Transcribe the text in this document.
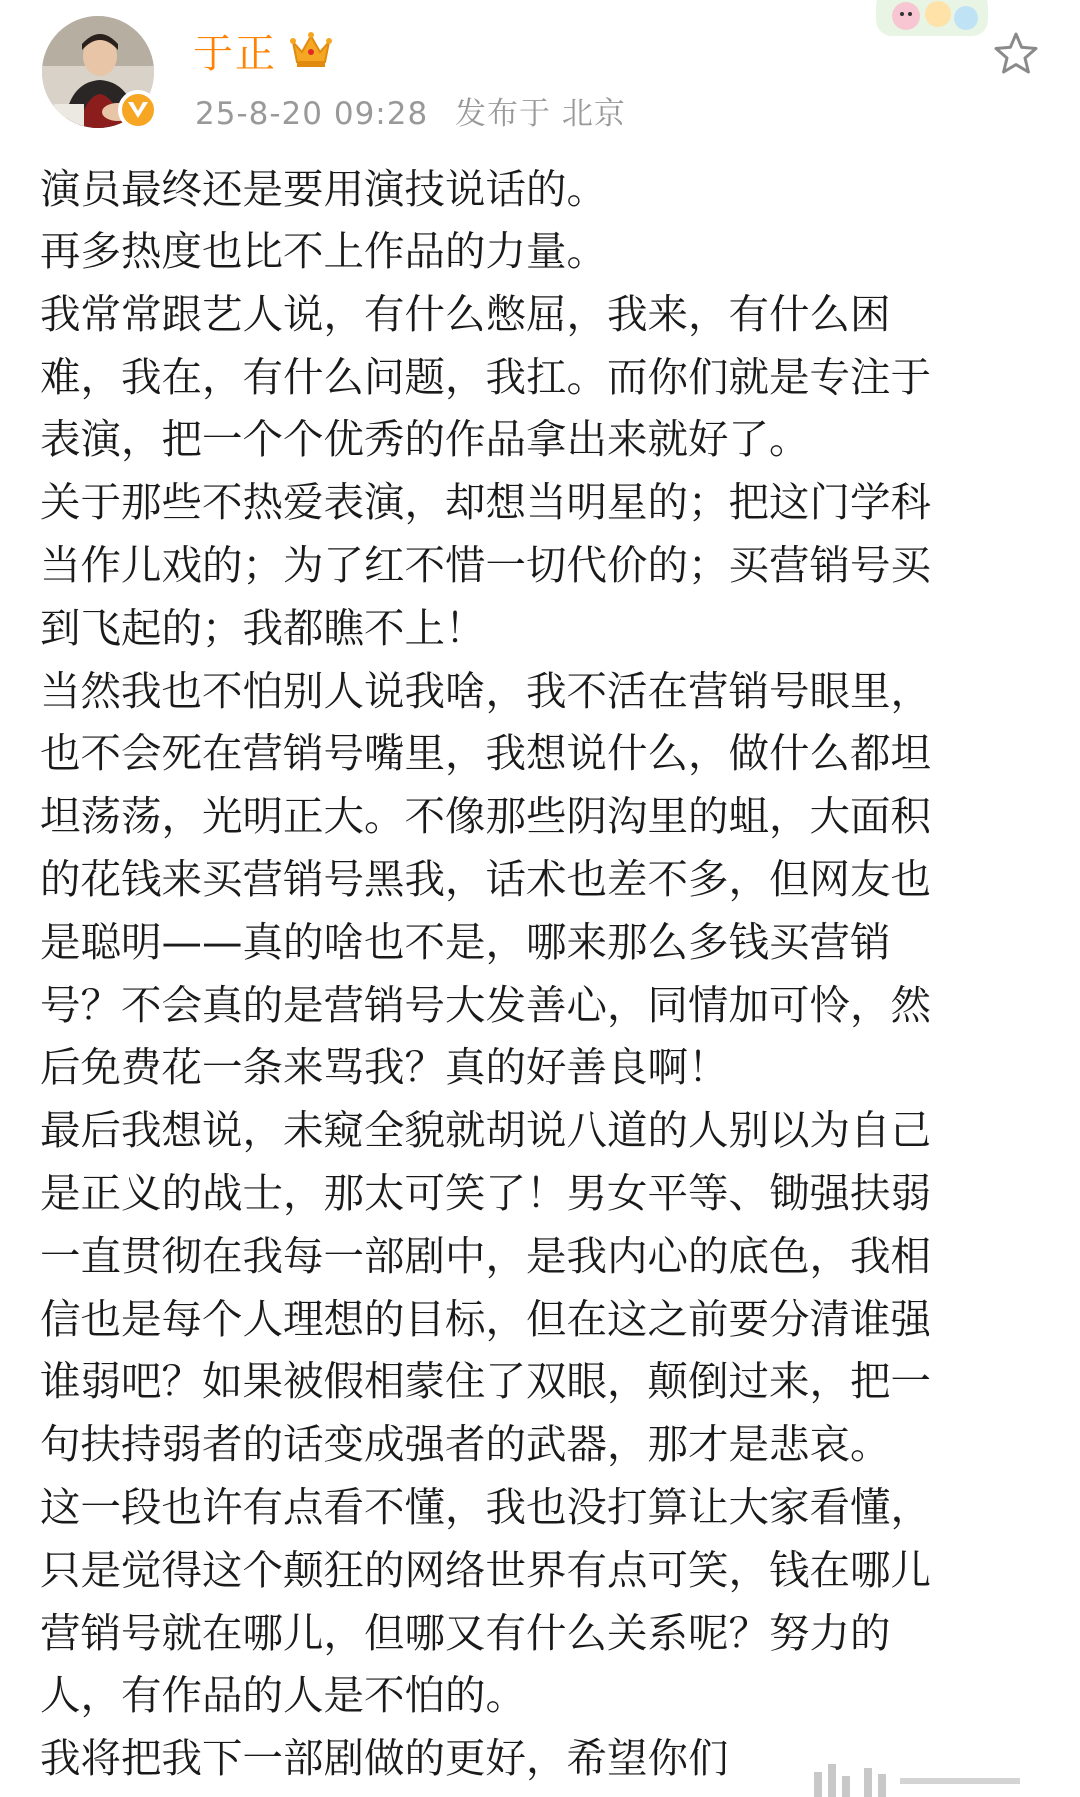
于正
25-8-20 09:28 发布于 北京
演员最终还是要用演技说话的。
再多热度也比不上作品的力量。
我常常跟艺人说，有什么憋屈，我来，有什么困
难，我在，有什么问题，我扛。而你们就是专注于
表演，把一个个优秀的作品拿出来就好了。
关于那些不热爱表演，却想当明星的；把这门学科
当作儿戏的；为了红不惜一切代价的；买营销号买
到飞起的；我都瞧不上！
当然我也不怕别人说我啥，我不活在营销号眼里，
也不会死在营销号嘴里，我想说什么，做什么都坦
坦荡荡，光明正大。不像那些阴沟里的蛆，大面积
的花钱来买营销号黑我，话术也差不多，但网友也
是聪明——真的啥也不是，哪来那么多钱买营销
号？不会真的是营销号大发善心，同情加可怜，然
后免费花一条来骂我？真的好善良啊！
最后我想说，未窥全貌就胡说八道的人别以为自己
是正义的战士，那太可笑了！男女平等、锄强扶弱
一直贯彻在我每一部剧中，是我内心的底色，我相
信也是每个人理想的目标，但在这之前要分清谁强
谁弱吧？如果被假相蒙住了双眼，颠倒过来，把一
句扶持弱者的话变成强者的武器，那才是悲哀。
这一段也许有点看不懂，我也没打算让大家看懂，
只是觉得这个颠狂的网络世界有点可笑，钱在哪儿
营销号就在哪儿，但哪又有什么关系呢？努力的
人，有作品的人是不怕的。
我将把我下一部剧做的更好，希望你们
